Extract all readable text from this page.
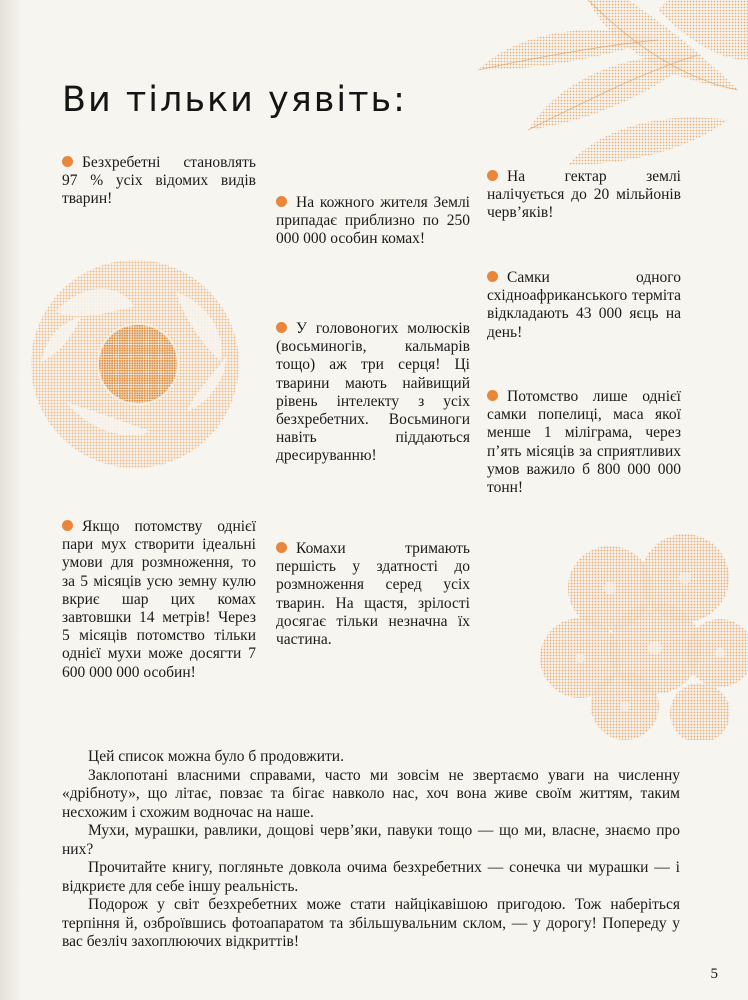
Ви тільки уявіть:

Безхребетні становлять 97 % усіх відомих видів тварин!	На кожного жителя Землі припадає приблизно по 250 000 000 особин комах!

На гектар землі налічується до 20 мільйонів черв’яків!

Самки одного східноафриканського терміта відкладають 43 000 яєць на день!

У головоногих молюсків (восьминогів, кальмарів тощо) аж три серця! Ці тварини мають найвищий рівень інтелекту з усіх безхребетних. Восьминоги навіть піддаються дресируванню!

Потомство лише однієї самки попелиці, маса якої менше 1 міліграма, через п’ять місяців за сприятливих умов важило б 800 000 000 тонн!

Якщо потомству однієї пари мух створити ідеальні умови для розмноження, то за 5 місяців усю земну кулю вкриє шар цих комах завтовшки 14 метрів! Через 5 місяців потомство тільки однієї мухи може досягти 7 600 000 000 особин!

Комахи тримають першість у здатності до розмноження серед усіх тварин. На щастя, зрілості досягає тільки незначна їх частина.

Цей список можна було б продовжити.

Заклопотані власними справами, часто ми зовсім не звертаємо уваги на численну «дрібноту», що літає, повзає та бігає навколо нас, хоч вона живе своїм життям, таким несхожим і схожим водночас на наше.

Мухи, мурашки, равлики, дощові черв’яки, павуки тощо — що ми, власне, знаємо про них?

Прочитайте книгу, погляньте довкола очима безхребетних — сонечка чи мурашки — і відкриєте для себе іншу реальність.

Подорож у світ безхребетних може стати найцікавішою пригодою. Тож наберіться терпіння й, озброївшись фотоапаратом та збільшувальним склом, — у дорогу! Попереду у вас безліч захоплюючих відкриттів!

5
